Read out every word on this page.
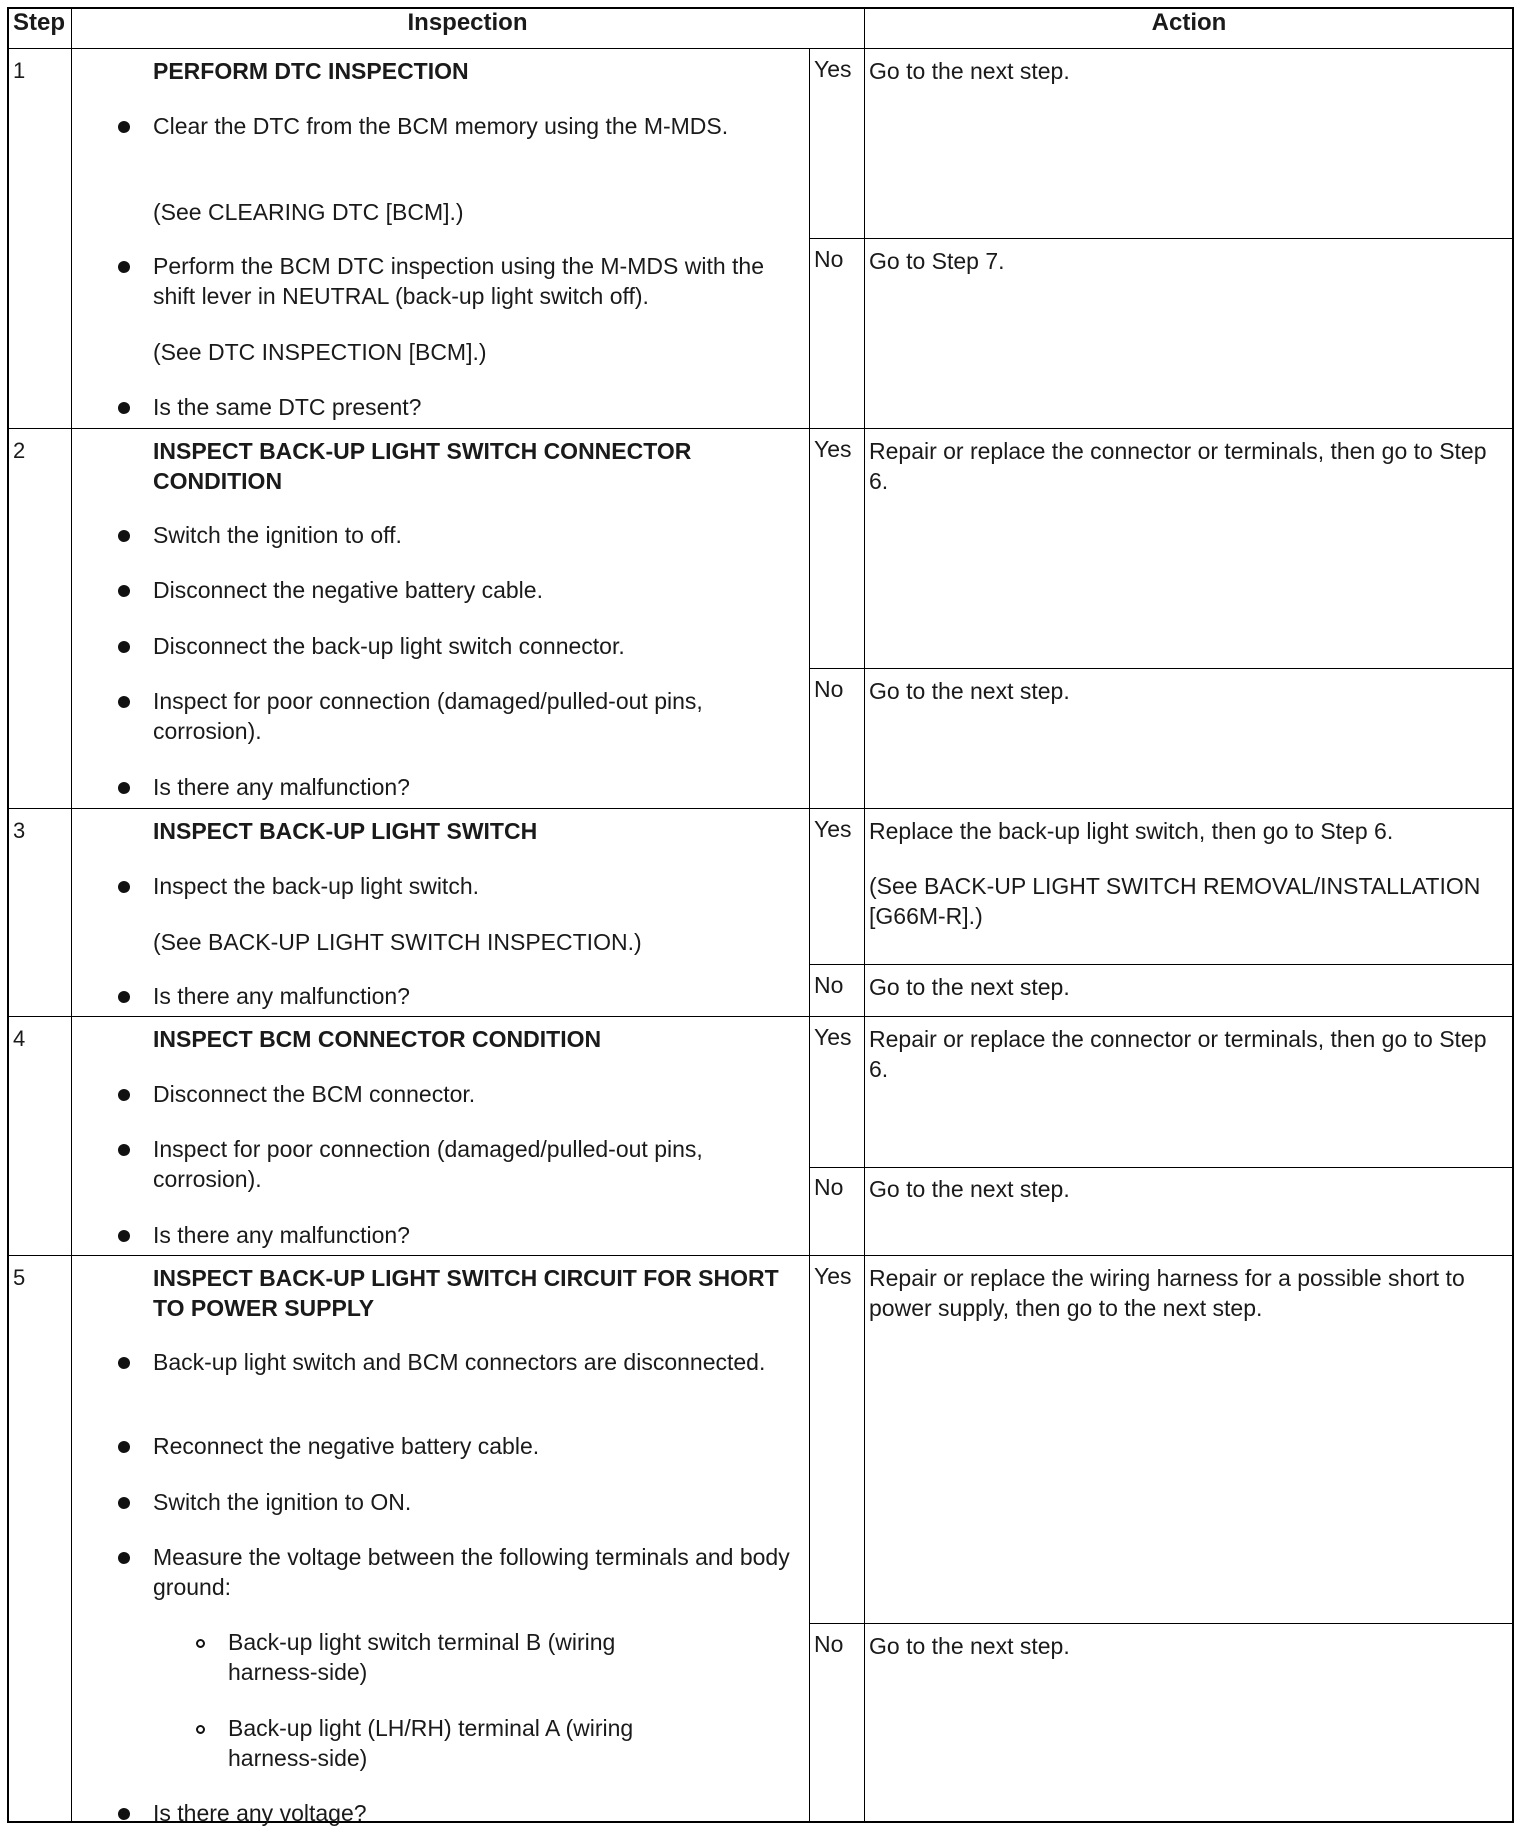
Step	Inspection	Action
1	PERFORM DTC INSPECTION
Clear the DTC from the BCM memory using the M-MDS.
(See CLEARING DTC [BCM].)
Perform the BCM DTC inspection using the M-MDS with the shift lever in NEUTRAL (back-up light switch off).
(See DTC INSPECTION [BCM].)
Is the same DTC present?
Yes Go to the next step.
No Go to Step 7.
2	INSPECT BACK-UP LIGHT SWITCH CONNECTOR CONDITION
Switch the ignition to off.
Disconnect the negative battery cable.
Disconnect the back-up light switch connector.
Inspect for poor connection (damaged/pulled-out pins, corrosion).
Is there any malfunction?
Yes Repair or replace the connector or terminals, then go to Step 6.
No Go to the next step.
3	INSPECT BACK-UP LIGHT SWITCH
Inspect the back-up light switch.
(See BACK-UP LIGHT SWITCH INSPECTION.)
Is there any malfunction?
Yes Replace the back-up light switch, then go to Step 6.
(See BACK-UP LIGHT SWITCH REMOVAL/INSTALLATION [G66M-R].)
No Go to the next step.
4	INSPECT BCM CONNECTOR CONDITION
Disconnect the BCM connector.
Inspect for poor connection (damaged/pulled-out pins, corrosion).
Is there any malfunction?
Yes Repair or replace the connector or terminals, then go to Step 6.
No Go to the next step.
5	INSPECT BACK-UP LIGHT SWITCH CIRCUIT FOR SHORT TO POWER SUPPLY
Back-up light switch and BCM connectors are disconnected.
Reconnect the negative battery cable.
Switch the ignition to ON.
Measure the voltage between the following terminals and body ground:
Back-up light switch terminal B (wiring harness-side)
Back-up light (LH/RH) terminal A (wiring harness-side)
Is there any voltage?
Yes Repair or replace the wiring harness for a possible short to power supply, then go to the next step.
No Go to the next step.
